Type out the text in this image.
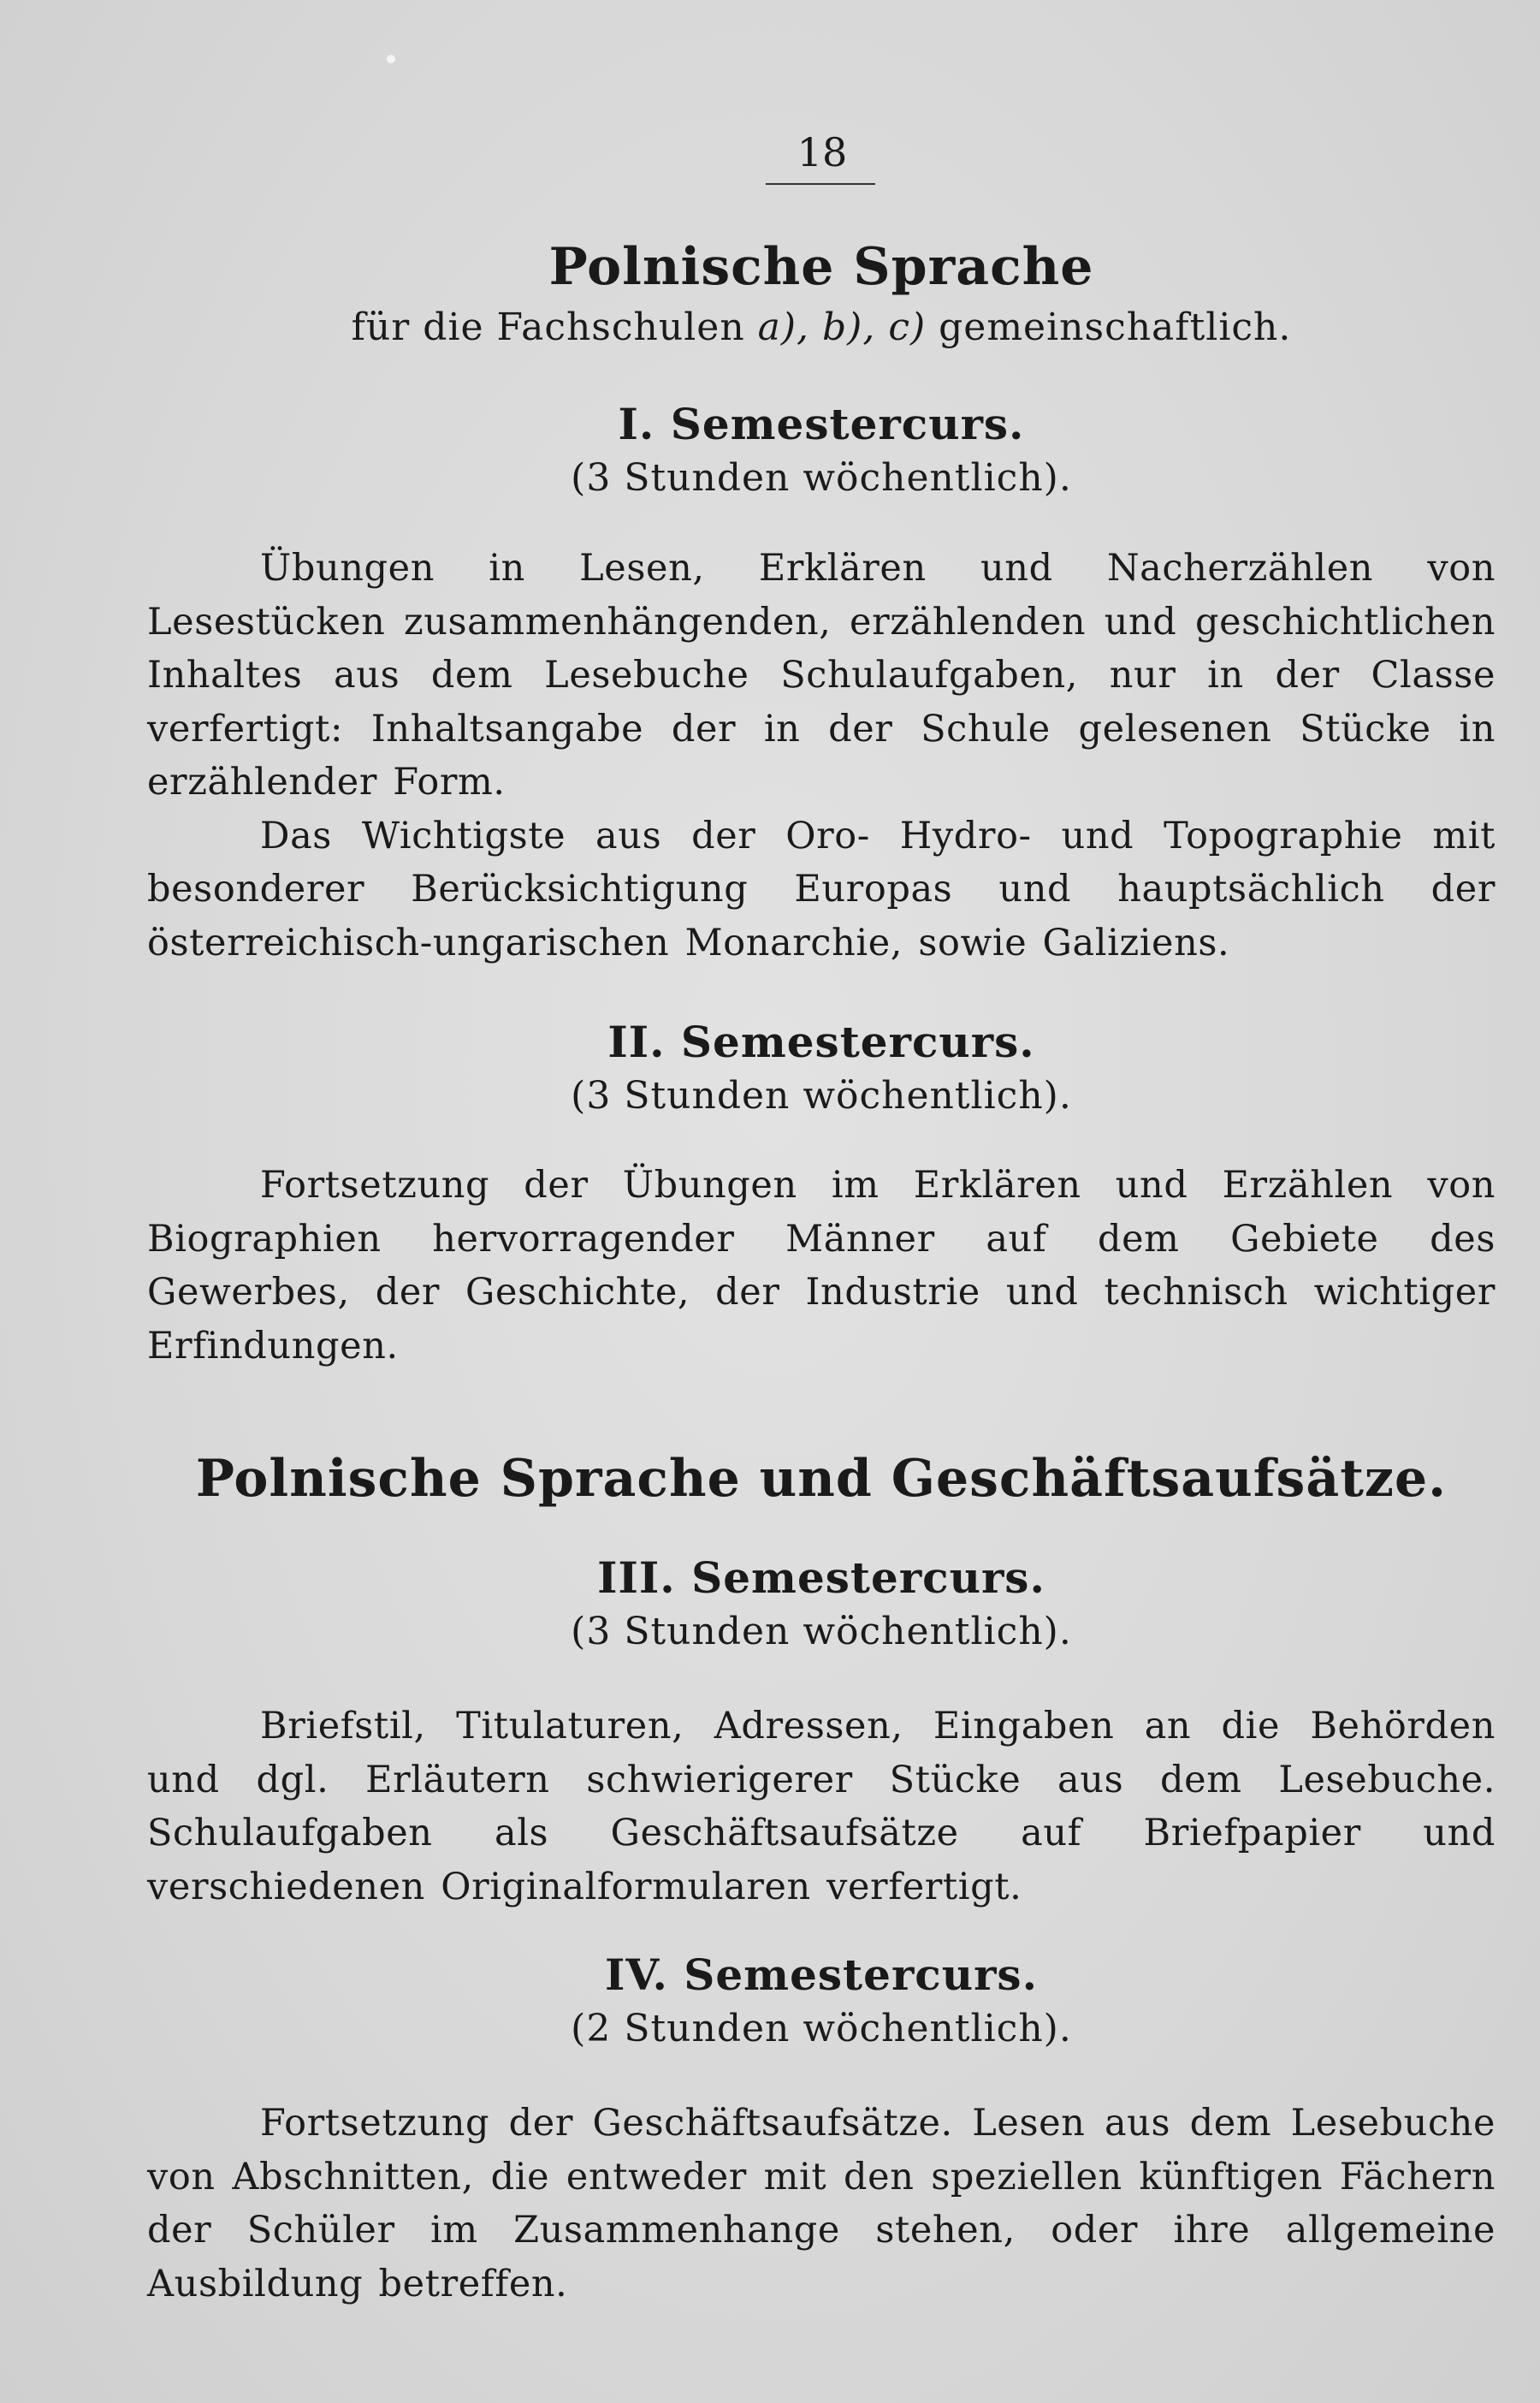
18
Polnische Sprache
für die Fachschulen a), b), c) gemeinschaftlich.
I. Semestercurs.
(3 Stunden wöchentlich).

Übungen in Lesen, Erklären und Nacherzählen von Lesestücken zusammenhängenden, erzählenden und geschichtlichen Inhaltes aus dem Lesebuche Schulaufgaben, nur in der Classe verfertigt: Inhaltsangabe der in der Schule gelesenen Stücke in erzählender Form.

Das Wichtigste aus der Oro- Hydro- und Topographie mit besonderer Berücksichtigung Europas und hauptsächlich der österreichisch-ungarischen Monarchie, sowie Galiziens.

II. Semestercurs.
(3 Stunden wöchentlich).

Fortsetzung der Übungen im Erklären und Erzählen von Biographien hervorragender Männer auf dem Gebiete des Gewerbes, der Geschichte, der Industrie und technisch wichtiger Erfindungen.

Polnische Sprache und Geschäftsaufsätze.
III. Semestercurs.
(3 Stunden wöchentlich).

Briefstil, Titulaturen, Adressen, Eingaben an die Behörden und dgl. Erläutern schwierigerer Stücke aus dem Lesebuche. Schulaufgaben als Geschäftsaufsätze auf Briefpapier und verschiedenen Originalformularen verfertigt.

IV. Semestercurs.
(2 Stunden wöchentlich).

Fortsetzung der Geschäftsaufsätze. Lesen aus dem Lesebuche von Abschnitten, die entweder mit den speziellen künftigen Fächern der Schüler im Zusammenhange stehen, oder ihre allgemeine Ausbildung betreffen.
